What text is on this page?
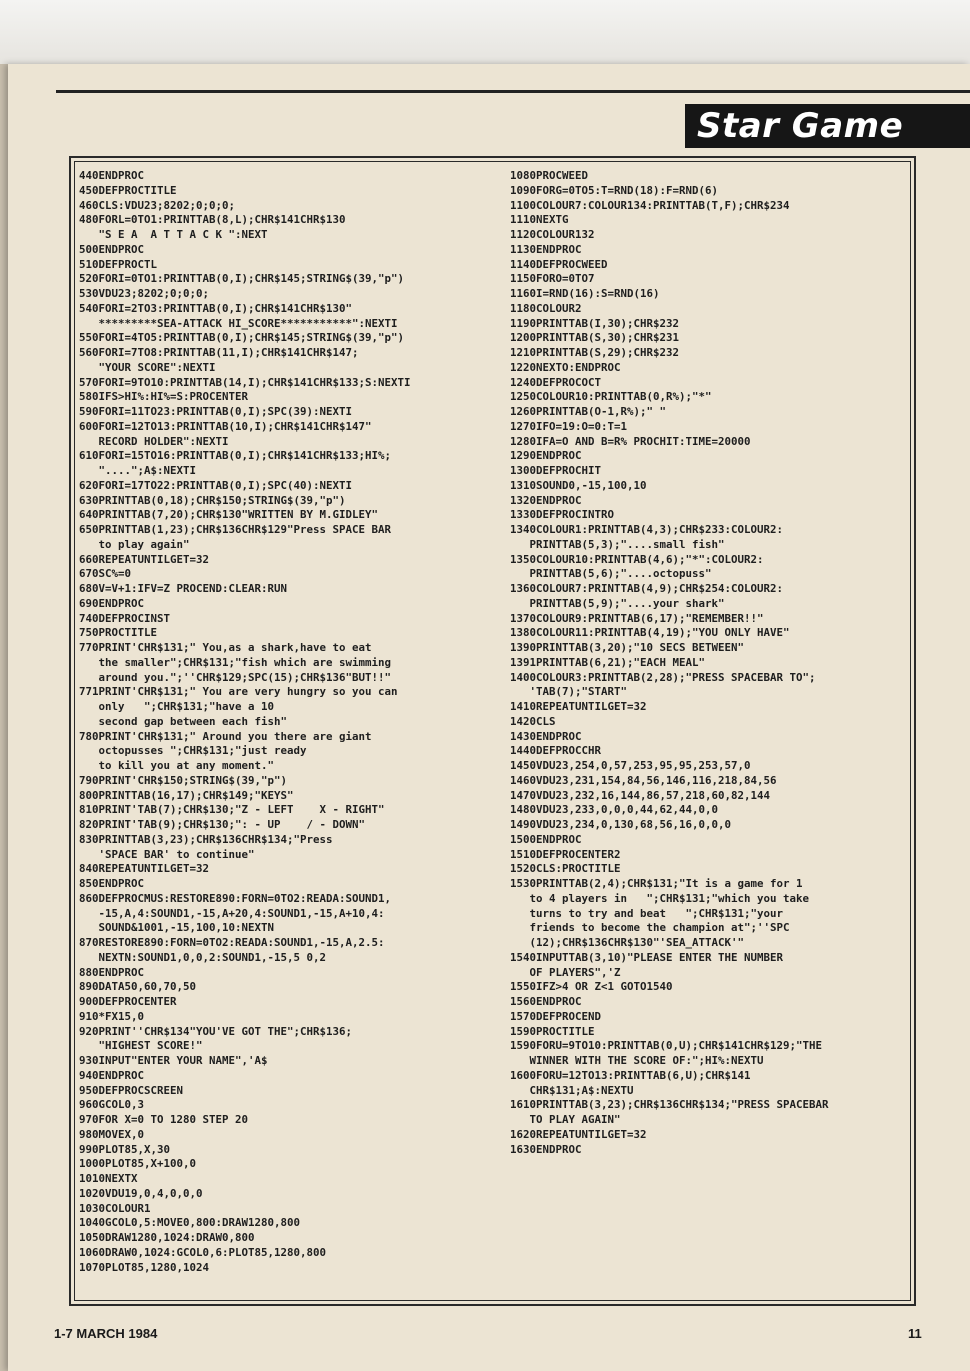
Star Game
440ENDPROC
450DEFPROCTITLE
460CLS:VDU23;8202;0;0;0;
480FORL=0TO1:PRINTTAB(8,L);CHR$141CHR$130
"S E A  A T T A C K ":NEXT
500ENDPROC
510DEFPROCTL
520FORI=0TO1:PRINTTAB(0,I);CHR$145;STRING$(39,"p")
530VDU23;8202;0;0;0;
540FORI=2TO3:PRINTTAB(0,I);CHR$141CHR$130"
*********SEA-ATTACK HI_SCORE***********":NEXTI
550FORI=4TO5:PRINTTAB(0,I);CHR$145;STRING$(39,"p")
560FORI=7TO8:PRINTTAB(11,I);CHR$141CHR$147;
"YOUR SCORE":NEXTI
570FORI=9TO10:PRINTTAB(14,I);CHR$141CHR$133;S:NEXTI
580IFS>HI%:HI%=S:PROCENTER
590FORI=11TO23:PRINTTAB(0,I);SPC(39):NEXTI
600FORI=12TO13:PRINTTAB(10,I);CHR$141CHR$147"
RECORD HOLDER":NEXTI
610FORI=15TO16:PRINTTAB(0,I);CHR$141CHR$133;HI%;
"....";A$:NEXTI
620FORI=17TO22:PRINTTAB(0,I);SPC(40):NEXTI
630PRINTTAB(0,18);CHR$150;STRING$(39,"p")
640PRINTTAB(7,20);CHR$130"WRITTEN BY M.GIDLEY"
650PRINTTAB(1,23);CHR$136CHR$129"Press SPACE BAR
to play again"
660REPEATUNTILGET=32
670SC%=0
680V=V+1:IFV=Z PROCEND:CLEAR:RUN
690ENDPROC
740DEFPROCINST
750PROCTITLE
770PRINT'CHR$131;" You,as a shark,have to eat
the smaller";CHR$131;"fish which are swimming
around you.";''CHR$129;SPC(15);CHR$136"BUT!!"
771PRINT'CHR$131;" You are very hungry so you can
only   ";CHR$131;"have a 10
second gap between each fish"
780PRINT'CHR$131;" Around you there are giant
octopusses ";CHR$131;"just ready
to kill you at any moment."
790PRINT'CHR$150;STRING$(39,"p")
800PRINTTAB(16,17);CHR$149;"KEYS"
810PRINT'TAB(7);CHR$130;"Z - LEFT    X - RIGHT"
820PRINT'TAB(9);CHR$130;": - UP    / - DOWN"
830PRINTTAB(3,23);CHR$136CHR$134;"Press
'SPACE BAR' to continue"
840REPEATUNTILGET=32
850ENDPROC
860DEFPROCMUS:RESTORE890:FORN=0TO2:READA:SOUND1,
-15,A,4:SOUND1,-15,A+20,4:SOUND1,-15,A+10,4:
SOUND&1001,-15,100,10:NEXTN
870RESTORE890:FORN=0TO2:READA:SOUND1,-15,A,2.5:
NEXTN:SOUND1,0,0,2:SOUND1,-15,5 0,2
880ENDPROC
890DATA50,60,70,50
900DEFPROCENTER
910*FX15,0
920PRINT''CHR$134"YOU'VE GOT THE";CHR$136;
"HIGHEST SCORE!"
930INPUT"ENTER YOUR NAME",'A$
940ENDPROC
950DEFPROCSCREEN
960GCOL0,3
970FOR X=0 TO 1280 STEP 20
980MOVEX,0
990PLOT85,X,30
1000PLOT85,X+100,0
1010NEXTX
1020VDU19,0,4,0,0,0
1030COLOUR1
1040GCOL0,5:MOVE0,800:DRAW1280,800
1050DRAW1280,1024:DRAW0,800
1060DRAW0,1024:GCOL0,6:PLOT85,1280,800
1070PLOT85,1280,1024
1080PROCWEED
1090FORG=0TO5:T=RND(18):F=RND(6)
1100COLOUR7:COLOUR134:PRINTTAB(T,F);CHR$234
1110NEXTG
1120COLOUR132
1130ENDPROC
1140DEFPROCWEED
1150FORO=0TO7
1160I=RND(16):S=RND(16)
1180COLOUR2
1190PRINTTAB(I,30);CHR$232
1200PRINTTAB(S,30);CHR$231
1210PRINTTAB(S,29);CHR$232
1220NEXTO:ENDPROC
1240DEFPROCOCT
1250COLOUR10:PRINTTAB(0,R%);"*"
1260PRINTTAB(O-1,R%);" "
1270IFO=19:O=0:T=1
1280IFA=O AND B=R% PROCHIT:TIME=20000
1290ENDPROC
1300DEFPROCHIT
1310SOUND0,-15,100,10
1320ENDPROC
1330DEFPROCINTRO
1340COLOUR1:PRINTTAB(4,3);CHR$233:COLOUR2:
PRINTTAB(5,3);"....small fish"
1350COLOUR10:PRINTTAB(4,6);"*":COLOUR2:
PRINTTAB(5,6);"....octopuss"
1360COLOUR7:PRINTTAB(4,9);CHR$254:COLOUR2:
PRINTTAB(5,9);"....your shark"
1370COLOUR9:PRINTTAB(6,17);"REMEMBER!!"
1380COLOUR11:PRINTTAB(4,19);"YOU ONLY HAVE"
1390PRINTTAB(3,20);"10 SECS BETWEEN"
1391PRINTTAB(6,21);"EACH MEAL"
1400COLOUR3:PRINTTAB(2,28);"PRESS SPACEBAR TO";
'TAB(7);"START"
1410REPEATUNTILGET=32
1420CLS
1430ENDPROC
1440DEFPROCCHR
1450VDU23,254,0,57,253,95,95,253,57,0
1460VDU23,231,154,84,56,146,116,218,84,56
1470VDU23,232,16,144,86,57,218,60,82,144
1480VDU23,233,0,0,0,44,62,44,0,0
1490VDU23,234,0,130,68,56,16,0,0,0
1500ENDPROC
1510DEFPROCENTER2
1520CLS:PROCTITLE
1530PRINTTAB(2,4);CHR$131;"It is a game for 1
to 4 players in   ";CHR$131;"which you take
turns to try and beat   ";CHR$131;"your
friends to become the champion at";''SPC
(12);CHR$136CHR$130"'SEA_ATTACK'"
1540INPUTTAB(3,10)"PLEASE ENTER THE NUMBER
OF PLAYERS",'Z
1550IFZ>4 OR Z<1 GOTO1540
1560ENDPROC
1570DEFPROCEND
1590PROCTITLE
1590FORU=9TO10:PRINTTAB(0,U);CHR$141CHR$129;"THE
WINNER WITH THE SCORE OF:";HI%:NEXTU
1600FORU=12TO13:PRINTTAB(6,U);CHR$141
CHR$131;A$:NEXTU
1610PRINTTAB(3,23);CHR$136CHR$134;"PRESS SPACEBAR
TO PLAY AGAIN"
1620REPEATUNTILGET=32
1630ENDPROC
1-7 MARCH 1984	11
